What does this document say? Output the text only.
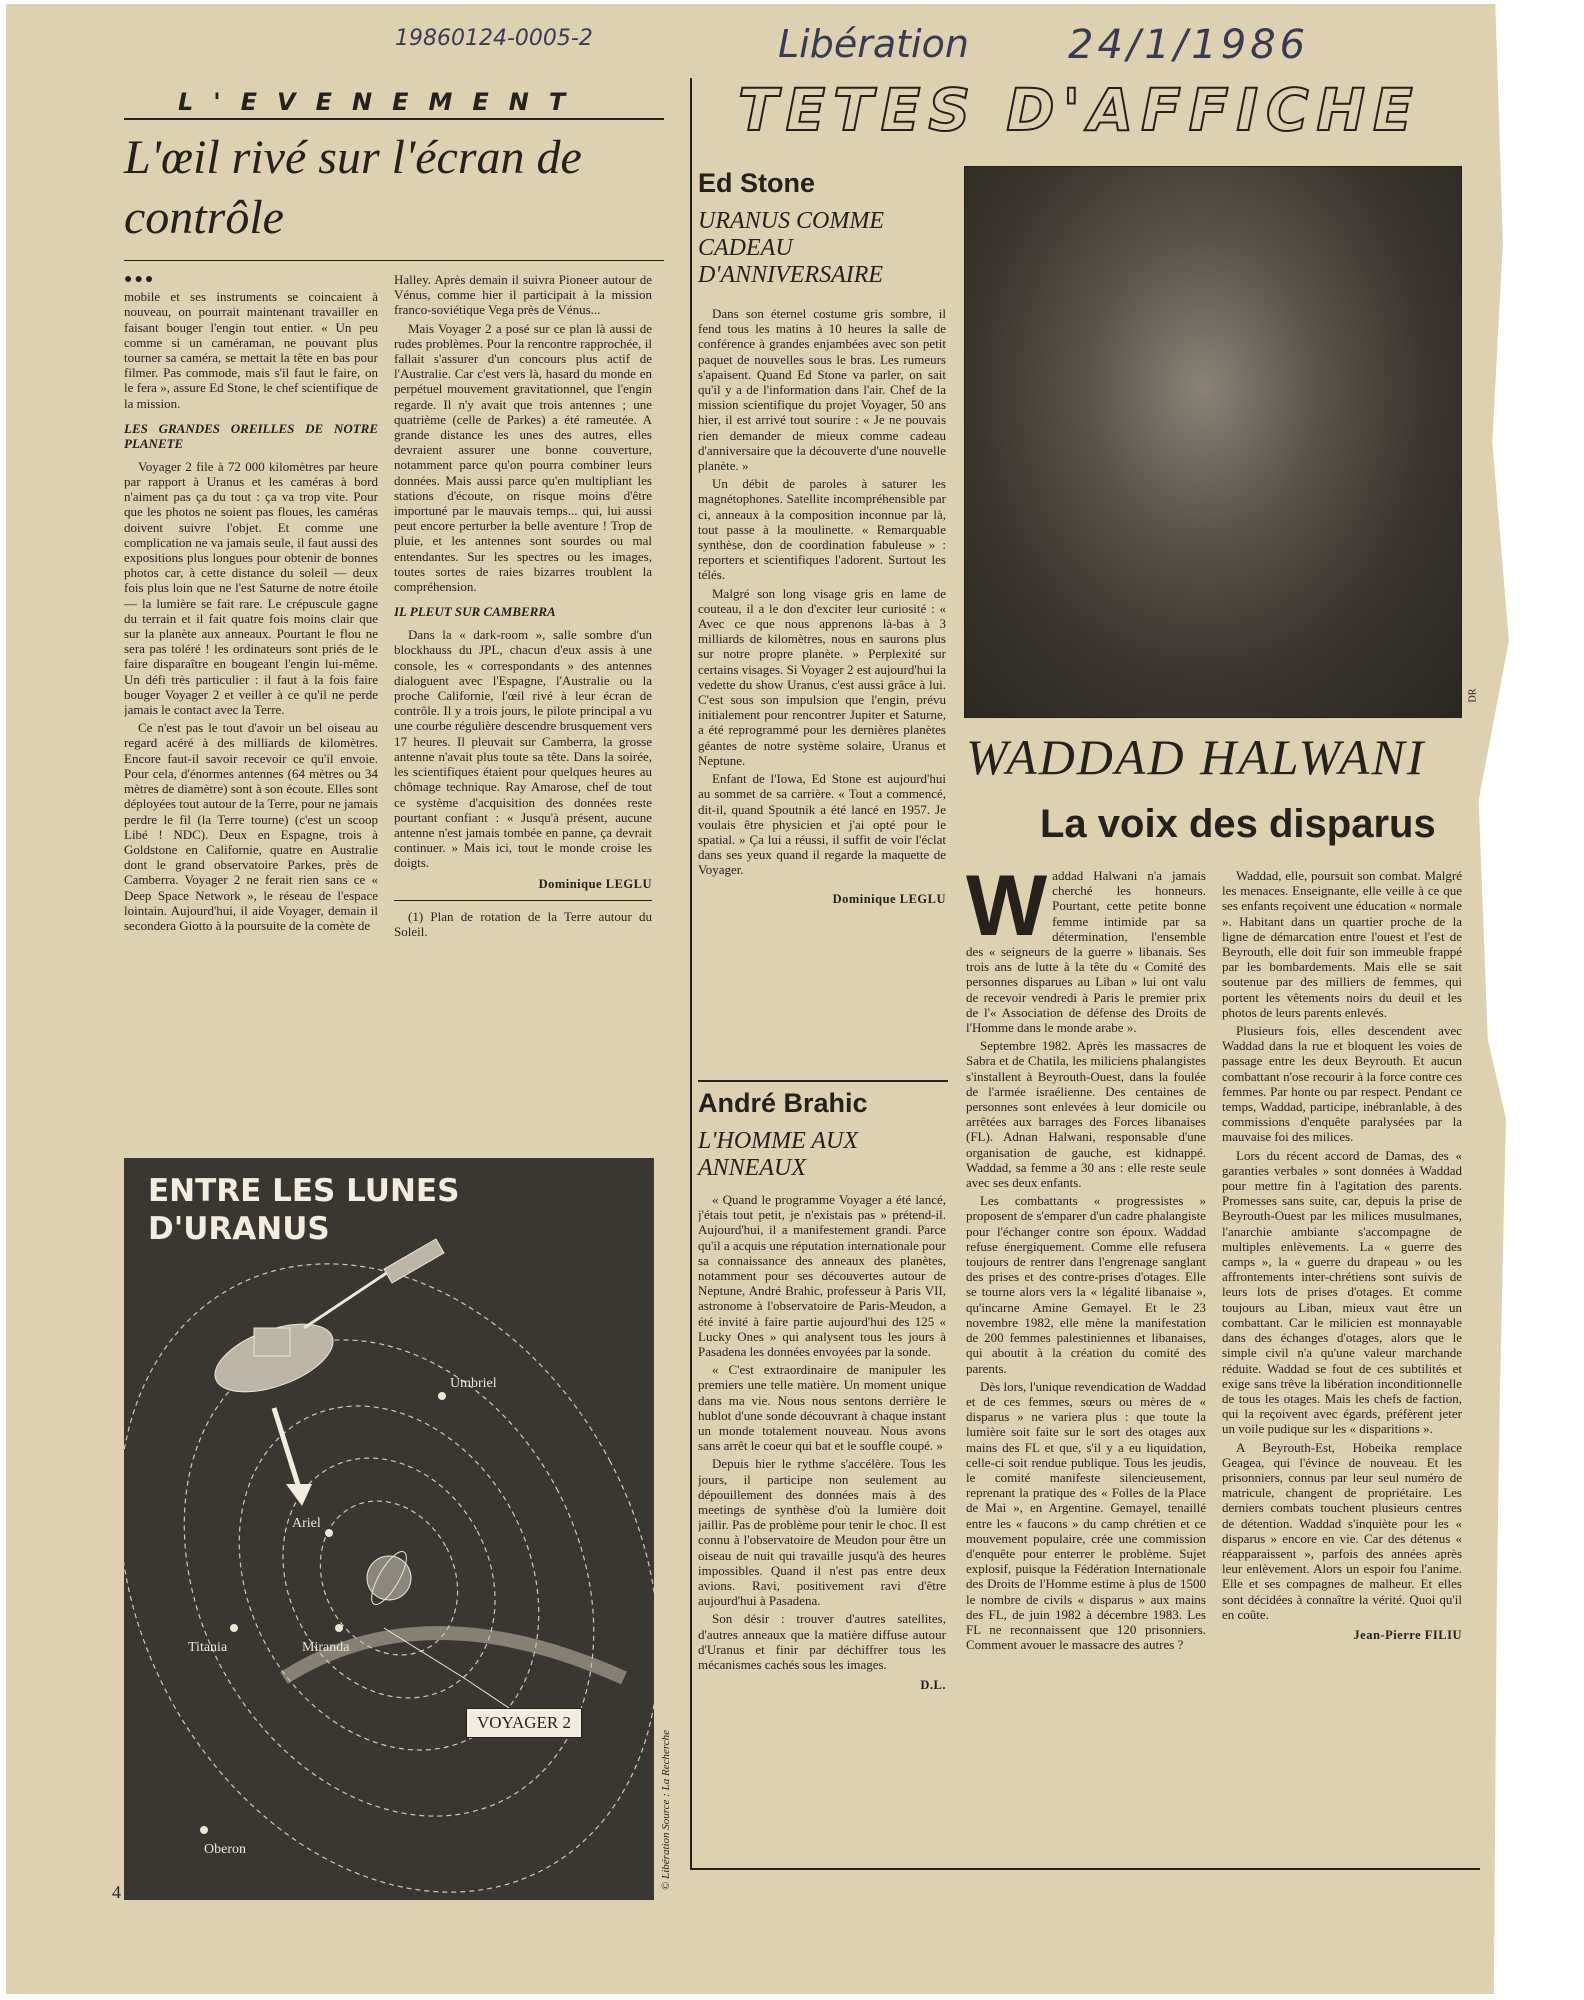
19860124-0005-2	Libération 24/1/1986
L'EVENEMENT
L'œil rivé sur l'écran de contrôle
●●●

mobile et ses instruments se coincaient à nouveau, on pourrait maintenant travailler en faisant bouger l'engin tout entier. « Un peu comme si un caméraman, ne pouvant plus tourner sa caméra, se mettait la tête en bas pour filmer. Pas commode, mais s'il faut le faire, on le fera », assure Ed Stone, le chef scientifique de la mission.

LES GRANDES OREILLES DE NOTRE PLANETE

Voyager 2 file à 72 000 kilomètres par heure par rapport à Uranus et les caméras à bord n'aiment pas ça du tout : ça va trop vite. Pour que les photos ne soient pas floues, les caméras doivent suivre l'objet. Et comme une complication ne va jamais seule, il faut aussi des expositions plus longues pour obtenir de bonnes photos car, à cette distance du soleil — deux fois plus loin que ne l'est Saturne de notre étoile — la lumière se fait rare. Le crépuscule gagne du terrain et il fait quatre fois moins clair que sur la planète aux anneaux. Pourtant le flou ne sera pas toléré ! les ordinateurs sont priés de le faire disparaître en bougeant l'engin lui-même. Un défi très particulier : il faut à la fois faire bouger Voyager 2 et veiller à ce qu'il ne perde jamais le contact avec la Terre.

Ce n'est pas le tout d'avoir un bel oiseau au regard acéré à des milliards de kilomètres. Encore faut-il savoir recevoir ce qu'il envoie. Pour cela, d'énormes antennes (64 mètres ou 34 mètres de diamètre) sont à son écoute. Elles sont déployées tout autour de la Terre, pour ne jamais perdre le fil (la Terre tourne) (c'est un scoop Libé ! NDC). Deux en Espagne, trois à Goldstone en Californie, quatre en Australie dont le grand observatoire Parkes, près de Camberra. Voyager 2 ne ferait rien sans ce « Deep Space Network », le réseau de l'espace lointain. Aujourd'hui, il aide Voyager, demain il secondera Giotto à la poursuite de la comète de

Halley. Après demain il suivra Pioneer autour de Vénus, comme hier il participait à la mission franco-soviétique Vega près de Vénus...

Mais Voyager 2 a posé sur ce plan là aussi de rudes problèmes. Pour la rencontre rapprochée, il fallait s'assurer d'un concours plus actif de l'Australie. Car c'est vers là, hasard du monde en perpétuel mouvement gravitationnel, que l'engin regarde. Il n'y avait que trois antennes ; une quatrième (celle de Parkes) a été rameutée. A grande distance les unes des autres, elles devraient assurer une bonne couverture, notamment parce qu'on pourra combiner leurs données. Mais aussi parce qu'en multipliant les stations d'écoute, on risque moins d'être importuné par le mauvais temps... qui, lui aussi peut encore perturber la belle aventure ! Trop de pluie, et les antennes sont sourdes ou mal entendantes. Sur les spectres ou les images, toutes sortes de raies bizarres troublent la compréhension.

IL PLEUT SUR CAMBERRA

Dans la « dark-room », salle sombre d'un blockhauss du JPL, chacun d'eux assis à une console, les « correspondants » des antennes dialoguent avec l'Espagne, l'Australie ou la proche Californie, l'œil rivé à leur écran de contrôle. Il y a trois jours, le pilote principal a vu une courbe régulière descendre brusquement vers 17 heures. Il pleuvait sur Camberra, la grosse antenne n'avait plus toute sa tête. Dans la soirée, les scientifiques étaient pour quelques heures au chômage technique. Ray Amarose, chef de tout ce système d'acquisition des données reste pourtant confiant : « Jusqu'à présent, aucune antenne n'est jamais tombée en panne, ça devrait continuer. » Mais ici, tout le monde croise les doigts.

Dominique LEGLU

(1) Plan de rotation de la Terre autour du Soleil.

ENTRE LES LUNES
D'URANUS
Umbriel
Ariel
Titania	Miranda
Oberon
VOYAGER 2
© Libération Source : La Recherche
4
TETES D'AFFICHE
Ed Stone
URANUS COMME CADEAU D'ANNIVERSAIRE

Dans son éternel costume gris sombre, il fend tous les matins à 10 heures la salle de conférence à grandes enjambées avec son petit paquet de nouvelles sous le bras. Les rumeurs s'apaisent. Quand Ed Stone va parler, on sait qu'il y a de l'information dans l'air. Chef de la mission scientifique du projet Voyager, 50 ans hier, il est arrivé tout sourire : « Je ne pouvais rien demander de mieux comme cadeau d'anniversaire que la découverte d'une nouvelle planète. »

Un débit de paroles à saturer les magnétophones. Satellite incompréhensible par ci, anneaux à la composition inconnue par là, tout passe à la moulinette. « Remarquable synthèse, don de coordination fabuleuse » : reporters et scientifiques l'adorent. Surtout les télés.

Malgré son long visage gris en lame de couteau, il a le don d'exciter leur curiosité : « Avec ce que nous apprenons là-bas à 3 milliards de kilomètres, nous en saurons plus sur notre propre planète. » Perplexité sur certains visages. Si Voyager 2 est aujourd'hui la vedette du show Uranus, c'est aussi grâce à lui. C'est sous son impulsion que l'engin, prévu initialement pour rencontrer Jupiter et Saturne, a été reprogrammé pour les dernières planètes géantes de notre système solaire, Uranus et Neptune.

Enfant de l'Iowa, Ed Stone est aujourd'hui au sommet de sa carrière. « Tout a commencé, dit-il, quand Spoutnik a été lancé en 1957. Je voulais être physicien et j'ai opté pour le spatial. » Ça lui a réussi, il suffit de voir l'éclat dans ses yeux quand il regarde la maquette de Voyager.

Dominique LEGLU
André Brahic
L'HOMME AUX ANNEAUX

« Quand le programme Voyager a été lancé, j'étais tout petit, je n'existais pas » prétend-il. Aujourd'hui, il a manifestement grandi. Parce qu'il a acquis une réputation internationale pour sa connaissance des anneaux des planètes, notamment pour ses découvertes autour de Neptune, André Brahic, professeur à Paris VII, astronome à l'observatoire de Paris-Meudon, a été invité à faire partie aujourd'hui des 125 « Lucky Ones » qui analysent tous les jours à Pasadena les données envoyées par la sonde.

« C'est extraordinaire de manipuler les premiers une telle matière. Un moment unique dans ma vie. Nous nous sentons derrière le hublot d'une sonde découvrant à chaque instant un monde totalement nouveau. Nous avons sans arrêt le coeur qui bat et le souffle coupé. »

Depuis hier le rythme s'accélère. Tous les jours, il participe non seulement au dépouillement des données mais à des meetings de synthèse d'où la lumière doit jaillir. Pas de problème pour tenir le choc. Il est connu à l'observatoire de Meudon pour être un oiseau de nuit qui travaille jusqu'à des heures impossibles. Quand il n'est pas entre deux avions. Ravi, positivement ravi d'être aujourd'hui à Pasadena.

Son désir : trouver d'autres satellites, d'autres anneaux que la matière diffuse autour d'Uranus et finir par déchiffrer tous les mécanismes cachés sous les images.

D.L.
DR
WADDAD HALWANI
La voix des disparus
W addad Halwani n'a jamais cherché les honneurs. Pourtant, cette petite bonne femme intimide par sa détermination, l'ensemble des « seigneurs de la guerre » libanais. Ses trois ans de lutte à la tête du « Comité des personnes disparues au Liban » lui ont valu de recevoir vendredi à Paris le premier prix de l'« Association de défense des Droits de l'Homme dans le monde arabe ».

Septembre 1982. Après les massacres de Sabra et de Chatila, les miliciens phalangistes s'installent à Beyrouth-Ouest, dans la foulée de l'armée israélienne. Des centaines de personnes sont enlevées à leur domicile ou arrêtées aux barrages des Forces libanaises (FL). Adnan Halwani, responsable d'une organisation de gauche, est kidnappé. Waddad, sa femme a 30 ans : elle reste seule avec ses deux enfants.

Les combattants « progressistes » proposent de s'emparer d'un cadre phalangiste pour l'échanger contre son époux. Waddad refuse énergiquement. Comme elle refusera toujours de rentrer dans l'engrenage sanglant des prises et des contre-prises d'otages. Elle se tourne alors vers la « légalité libanaise », qu'incarne Amine Gemayel. Et le 23 novembre 1982, elle mène la manifestation de 200 femmes palestiniennes et libanaises, qui aboutit à la création du comité des parents.

Dès lors, l'unique revendication de Waddad et de ces femmes, sœurs ou mères de « disparus » ne variera plus : que toute la lumière soit faite sur le sort des otages aux mains des FL et que, s'il y a eu liquidation, celle-ci soit rendue publique. Tous les jeudis, le comité manifeste silencieusement, reprenant la pratique des « Folles de la Place de Mai », en Argentine. Gemayel, tenaillé entre les « faucons » du camp chrétien et ce mouvement populaire, crée une commission d'enquête pour enterrer le problème. Sujet explosif, puisque la Fédération Internationale des Droits de l'Homme estime à plus de 1500 le nombre de civils « disparus » aux mains des FL, de juin 1982 à décembre 1983. Les FL ne reconnaissent que 120 prisonniers. Comment avouer le massacre des autres ?

Waddad, elle, poursuit son combat. Malgré les menaces. Enseignante, elle veille à ce que ses enfants reçoivent une éducation « normale ». Habitant dans un quartier proche de la ligne de démarcation entre l'ouest et l'est de Beyrouth, elle doit fuir son immeuble frappé par les bombardements. Mais elle se sait soutenue par des milliers de femmes, qui portent les vêtements noirs du deuil et les photos de leurs parents enlevés.

Plusieurs fois, elles descendent avec Waddad dans la rue et bloquent les voies de passage entre les deux Beyrouth. Et aucun combattant n'ose recourir à la force contre ces femmes. Par honte ou par respect. Pendant ce temps, Waddad, participe, inébranlable, à des commissions d'enquête paralysées par la mauvaise foi des milices.

Lors du récent accord de Damas, des « garanties verbales » sont données à Waddad pour mettre fin à l'agitation des parents. Promesses sans suite, car, depuis la prise de Beyrouth-Ouest par les milices musulmanes, l'anarchie ambiante s'accompagne de multiples enlèvements. La « guerre des camps », la « guerre du drapeau » ou les affrontements inter-chrétiens sont suivis de leurs lots de prises d'otages. Et comme toujours au Liban, mieux vaut être un combattant. Car le milicien est monnayable dans des échanges d'otages, alors que le simple civil n'a qu'une valeur marchande réduite. Waddad se fout de ces subtilités et exige sans trêve la libération inconditionnelle de tous les otages. Mais les chefs de faction, qui la reçoivent avec égards, préfèrent jeter un voile pudique sur les « disparitions ».

A Beyrouth-Est, Hobeika remplace Geagea, qui l'évince de nouveau. Et les prisonniers, connus par leur seul numéro de matricule, changent de propriétaire. Les derniers combats touchent plusieurs centres de détention. Waddad s'inquiète pour les « disparus » encore en vie. Car des détenus « réapparaissent », parfois des années après leur enlèvement. Alors un espoir fou l'anime. Elle et ses compagnes de malheur. Et elles sont décidées à connaître la vérité. Quoi qu'il en coûte.

Jean-Pierre FILIU
